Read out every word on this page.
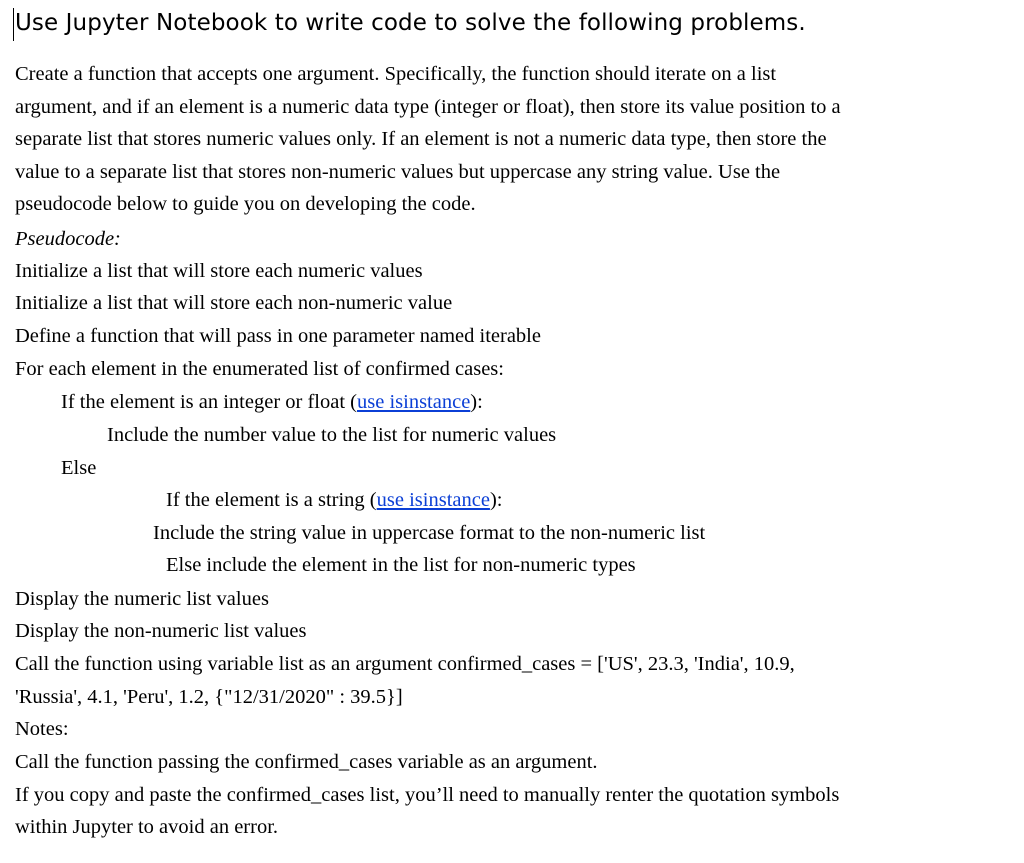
Use Jupyter Notebook to write code to solve the following problems.
Create a function that accepts one argument. Specifically, the function should iterate on a list
argument, and if an element is a numeric data type (integer or float), then store its value position to a
separate list that stores numeric values only. If an element is not a numeric data type, then store the
value to a separate list that stores non-numeric values but uppercase any string value. Use the
pseudocode below to guide you on developing the code.
Pseudocode:
Initialize a list that will store each numeric values
Initialize a list that will store each non-numeric value
Define a function that will pass in one parameter named iterable
For each element in the enumerated list of confirmed cases:
If the element is an integer or float (use isinstance):
Include the number value to the list for numeric values
Else
If the element is a string (use isinstance):
Include the string value in uppercase format to the non-numeric list
Else include the element in the list for non-numeric types
Display the numeric list values
Display the non-numeric list values
Call the function using variable list as an argument confirmed_cases = ['US', 23.3, 'India', 10.9,
'Russia', 4.1, 'Peru', 1.2, {"12/31/2020" : 39.5}]
Notes:
Call the function passing the confirmed_cases variable as an argument.
If you copy and paste the confirmed_cases list, you’ll need to manually renter the quotation symbols
within Jupyter to avoid an error.
